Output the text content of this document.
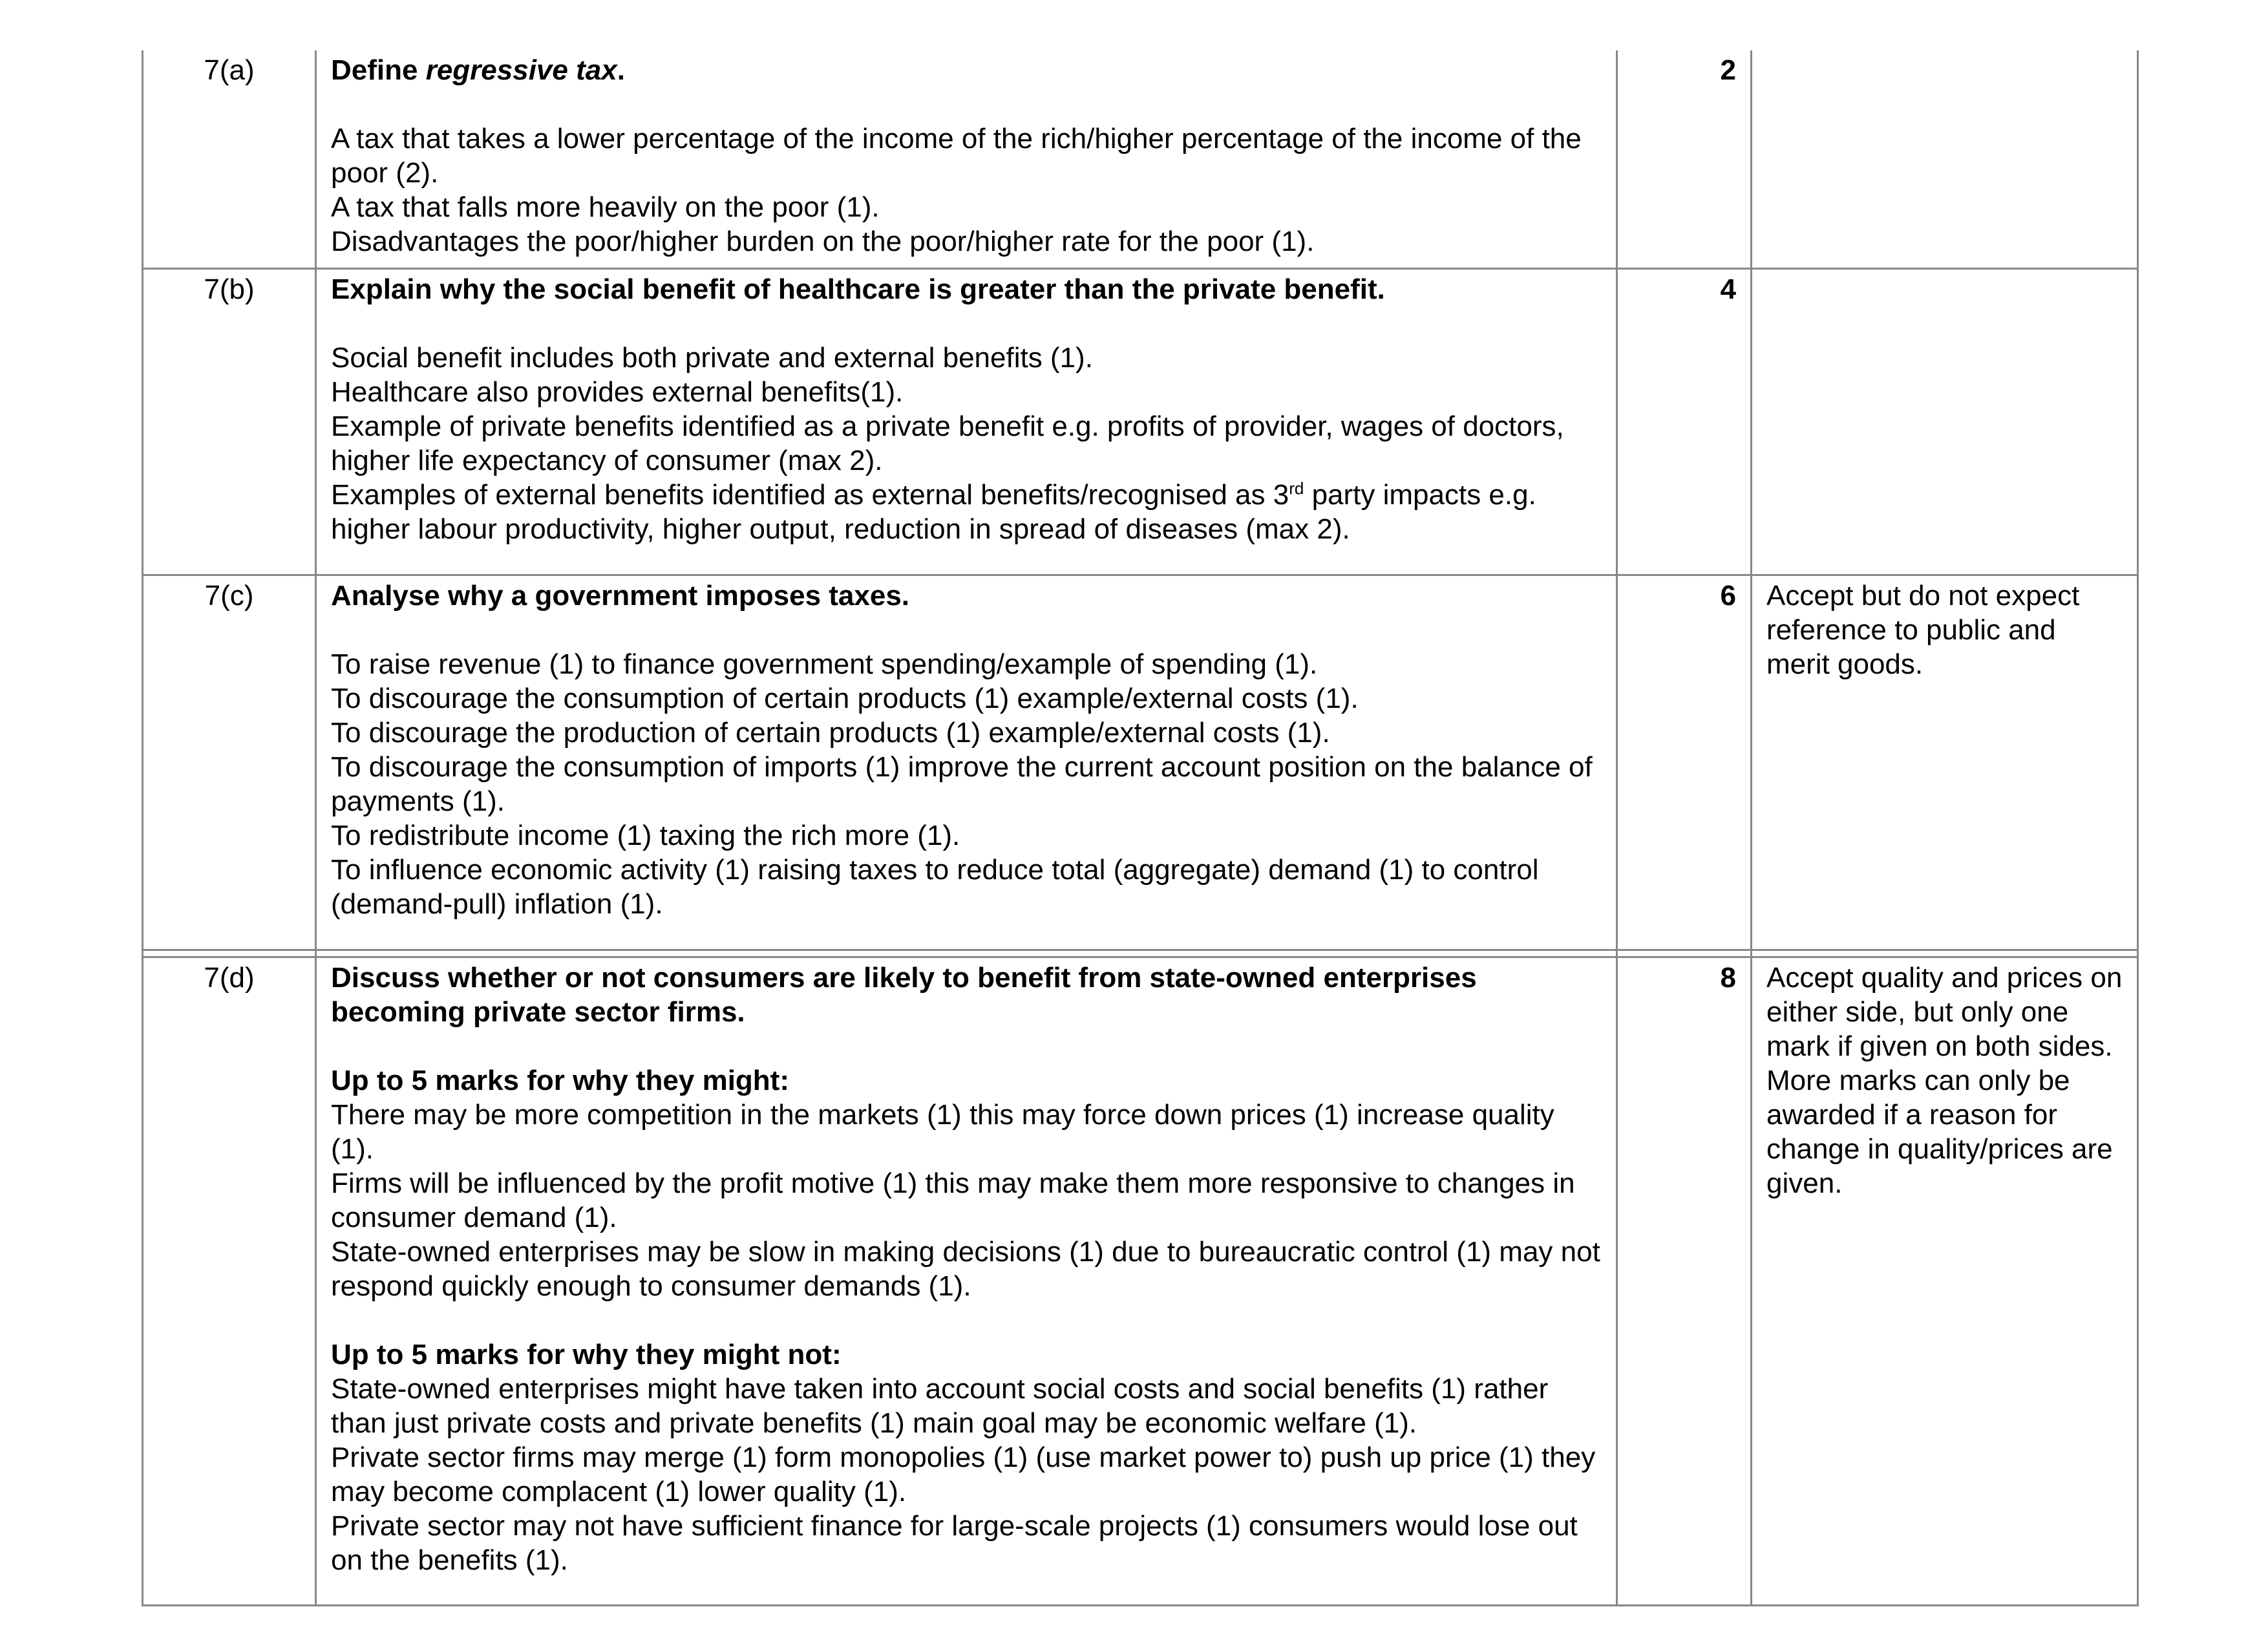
7(a)	Define regressive tax.
A tax that takes a lower percentage of the income of the rich/higher percentage of the income of the poor (2).
A tax that falls more heavily on the poor (1).
Disadvantages the poor/higher burden on the poor/higher rate for the poor (1).
2
7(b)	Explain why the social benefit of healthcare is greater than the private benefit.
Social benefit includes both private and external benefits (1).
Healthcare also provides external benefits(1).
Example of private benefits identified as a private benefit e.g. profits of provider, wages of doctors, higher life expectancy of consumer (max 2).
Examples of external benefits identified as external benefits/recognised as 3rd party impacts e.g. higher labour productivity, higher output, reduction in spread of diseases (max 2).
4
7(c)	Analyse why a government imposes taxes.
To raise revenue (1) to finance government spending/example of spending (1).
To discourage the consumption of certain products (1) example/external costs (1).
To discourage the production of certain products (1) example/external costs (1).
To discourage the consumption of imports (1) improve the current account position on the balance of payments (1).
To redistribute income (1) taxing the rich more (1).
To influence economic activity (1) raising taxes to reduce total (aggregate) demand (1) to control (demand-pull) inflation (1).
6	Accept but do not expect reference to public and merit goods.
7(d)	Discuss whether or not consumers are likely to benefit from state-owned enterprises becoming private sector firms.
Up to 5 marks for why they might:
There may be more competition in the markets (1) this may force down prices (1) increase quality (1).
Firms will be influenced by the profit motive (1) this may make them more responsive to changes in consumer demand (1).
State-owned enterprises may be slow in making decisions (1) due to bureaucratic control (1) may not respond quickly enough to consumer demands (1).
Up to 5 marks for why they might not:
State-owned enterprises might have taken into account social costs and social benefits (1) rather than just private costs and private benefits (1) main goal may be economic welfare (1).
Private sector firms may merge (1) form monopolies (1) (use market power to) push up price (1) they may become complacent (1) lower quality (1).
Private sector may not have sufficient finance for large-scale projects (1) consumers would lose out on the benefits (1).
8	Accept quality and prices on either side, but only one mark if given on both sides. More marks can only be awarded if a reason for change in quality/prices are given.
